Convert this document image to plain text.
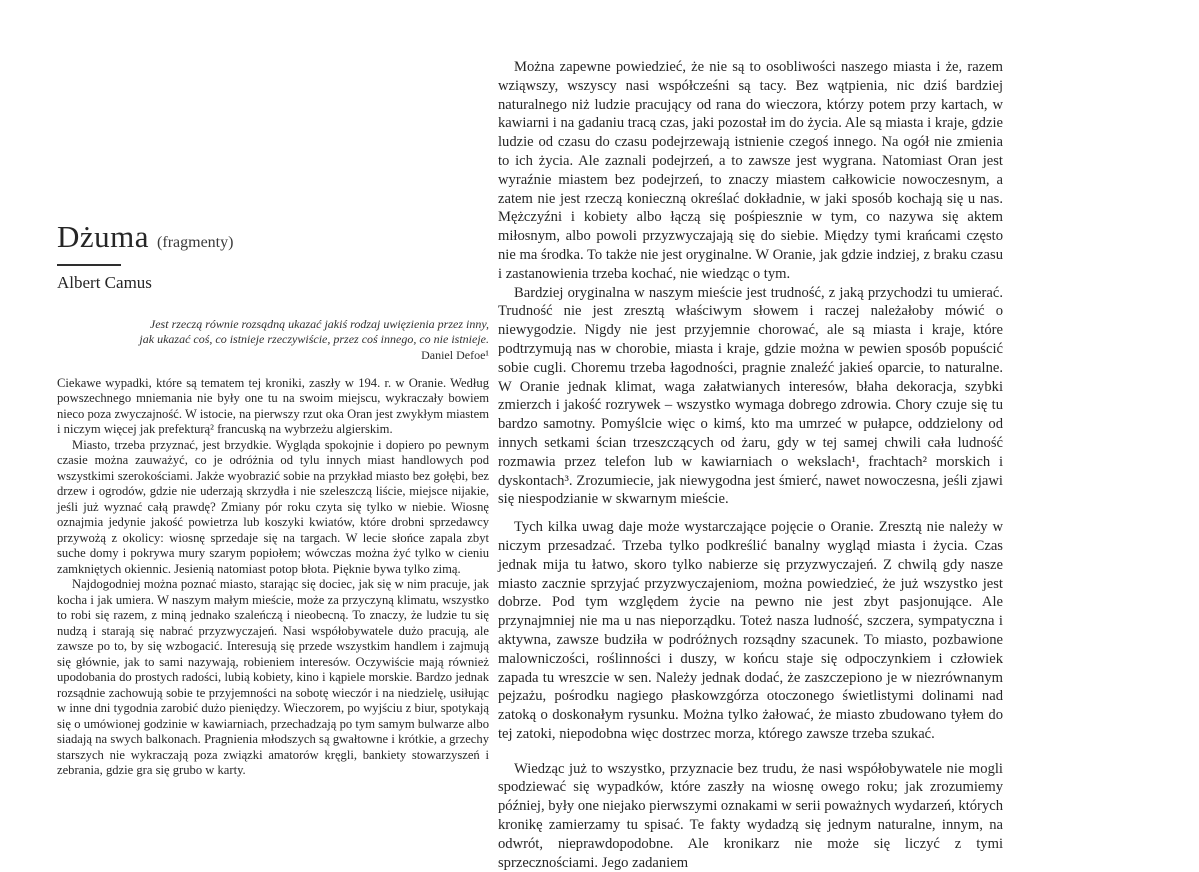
Dżuma (fragmenty)
Albert Camus
Jest rzeczą równie rozsądną ukazać jakiś rodzaj uwięzienia przez inny,
jak ukazać coś, co istnieje rzeczywiście, przez coś innego, co nie istnieje.
Daniel Defoe¹

Ciekawe wypadki, które są tematem tej kroniki, zaszły w 194. r. w Oranie. Według powszechnego mniemania nie były one tu na swoim miejscu, wykraczały bowiem nieco poza zwyczajność. W istocie, na pierwszy rzut oka Oran jest zwykłym miastem i niczym więcej jak prefekturą² francuską na wybrzeżu algierskim.

Miasto, trzeba przyznać, jest brzydkie. Wygląda spokojnie i dopiero po pewnym czasie można zauważyć, co je odróżnia od tylu innych miast handlowych pod wszystkimi szerokościami. Jakże wyobrazić sobie na przykład miasto bez gołębi, bez drzew i ogrodów, gdzie nie uderzają skrzydła i nie szeleszczą liście, miejsce nijakie, jeśli już wyznać całą prawdę? Zmiany pór roku czyta się tylko w niebie. Wiosnę oznajmia jedynie jakość powietrza lub koszyki kwiatów, które drobni sprzedawcy przywożą z okolicy: wiosnę sprzedaje się na targach. W lecie słońce zapala zbyt suche domy i pokrywa mury szarym popiołem; wówczas można żyć tylko w cieniu zamkniętych okiennic. Jesienią natomiast potop błota. Pięknie bywa tylko zimą.

Najdogodniej można poznać miasto, starając się dociec, jak się w nim pracuje, jak kocha i jak umiera. W naszym małym mieście, może za przyczyną klimatu, wszystko to robi się razem, z miną jednako szaleńczą i nieobecną. To znaczy, że ludzie tu się nudzą i starają się nabrać przyzwyczajeń. Nasi współobywatele dużo pracują, ale zawsze po to, by się wzbogacić. Interesują się przede wszystkim handlem i zajmują się głównie, jak to sami nazywają, robieniem interesów. Oczywiście mają również upodobania do prostych radości, lubią kobiety, kino i kąpiele morskie. Bardzo jednak rozsądnie zachowują sobie te przyjemności na sobotę wieczór i na niedzielę, usiłując w inne dni tygodnia zarobić dużo pieniędzy. Wieczorem, po wyjściu z biur, spotykają się o umówionej godzinie w kawiarniach, przechadzają po tym samym bulwarze albo siadają na swych balkonach. Pragnienia młodszych są gwałtowne i krótkie, a grzechy starszych nie wykraczają poza związki amatorów kręgli, bankiety stowarzyszeń i zebrania, gdzie gra się grubo w karty.

Można zapewne powiedzieć, że nie są to osobliwości naszego miasta i że, razem wziąwszy, wszyscy nasi współcześni są tacy. Bez wątpienia, nic dziś bardziej naturalnego niż ludzie pracujący od rana do wieczora, którzy potem przy kartach, w kawiarni i na gadaniu tracą czas, jaki pozostał im do życia. Ale są miasta i kraje, gdzie ludzie od czasu do czasu podejrzewają istnienie czegoś innego. Na ogół nie zmienia to ich życia. Ale zaznali podejrzeń, a to zawsze jest wygrana. Natomiast Oran jest wyraźnie miastem bez podejrzeń, to znaczy miastem całkowicie nowoczesnym, a zatem nie jest rzeczą konieczną określać dokładnie, w jaki sposób kochają się u nas. Mężczyźni i kobiety albo łączą się pośpiesznie w tym, co nazywa się aktem miłosnym, albo powoli przyzwyczajają się do siebie. Między tymi krańcami często nie ma środka. To także nie jest oryginalne. W Oranie, jak gdzie indziej, z braku czasu i zastanowienia trzeba kochać, nie wiedząc o tym.

Bardziej oryginalna w naszym mieście jest trudność, z jaką przychodzi tu umierać. Trudność nie jest zresztą właściwym słowem i raczej należałoby mówić o niewygodzie. Nigdy nie jest przyjemnie chorować, ale są miasta i kraje, które podtrzymują nas w chorobie, miasta i kraje, gdzie można w pewien sposób popuścić sobie cugli. Choremu trzeba łagodności, pragnie znaleźć jakieś oparcie, to naturalne. W Oranie jednak klimat, waga załatwianych interesów, błaha dekoracja, szybki zmierzch i jakość rozrywek – wszystko wymaga dobrego zdrowia. Chory czuje się tu bardzo samotny. Pomyślcie więc o kimś, kto ma umrzeć w pułapce, oddzielony od innych setkami ścian trzeszczących od żaru, gdy w tej samej chwili cała ludność rozmawia przez telefon lub w kawiarniach o wekslach¹, frachtach² morskich i dyskontach³. Zrozumiecie, jak niewygodna jest śmierć, nawet nowoczesna, jeśli zjawi się niespodzianie w skwarnym mieście.

Tych kilka uwag daje może wystarczające pojęcie o Oranie. Zresztą nie należy w niczym przesadzać. Trzeba tylko podkreślić banalny wygląd miasta i życia. Czas jednak mija tu łatwo, skoro tylko nabierze się przyzwyczajeń. Z chwilą gdy nasze miasto zacznie sprzyjać przyzwyczajeniom, można powiedzieć, że już wszystko jest dobrze. Pod tym względem życie na pewno nie jest zbyt pasjonujące. Ale przynajmniej nie ma u nas nieporządku. Toteż nasza ludność, szczera, sympatyczna i aktywna, zawsze budziła w podróżnych rozsądny szacunek. To miasto, pozbawione malowniczości, roślinności i duszy, w końcu staje się odpoczynkiem i człowiek zapada tu wreszcie w sen. Należy jednak dodać, że zaszczepiono je w niezrównanym pejzażu, pośrodku nagiego płaskowzgórza otoczonego świetlistymi dolinami nad zatoką o doskonałym rysunku. Można tylko żałować, że miasto zbudowano tyłem do tej zatoki, niepodobna więc dostrzec morza, którego zawsze trzeba szukać.

Wiedząc już to wszystko, przyznacie bez trudu, że nasi współobywatele nie mogli spodziewać się wypadków, które zaszły na wiosnę owego roku; jak zrozumiemy później, były one niejako pierwszymi oznakami w serii poważnych wydarzeń, których kronikę zamierzamy tu spisać. Te fakty wydadzą się jednym naturalne, innym, na odwrót, nieprawdopodobne. Ale kronikarz nie może się liczyć z tymi sprzecznościami. Jego zadaniem
